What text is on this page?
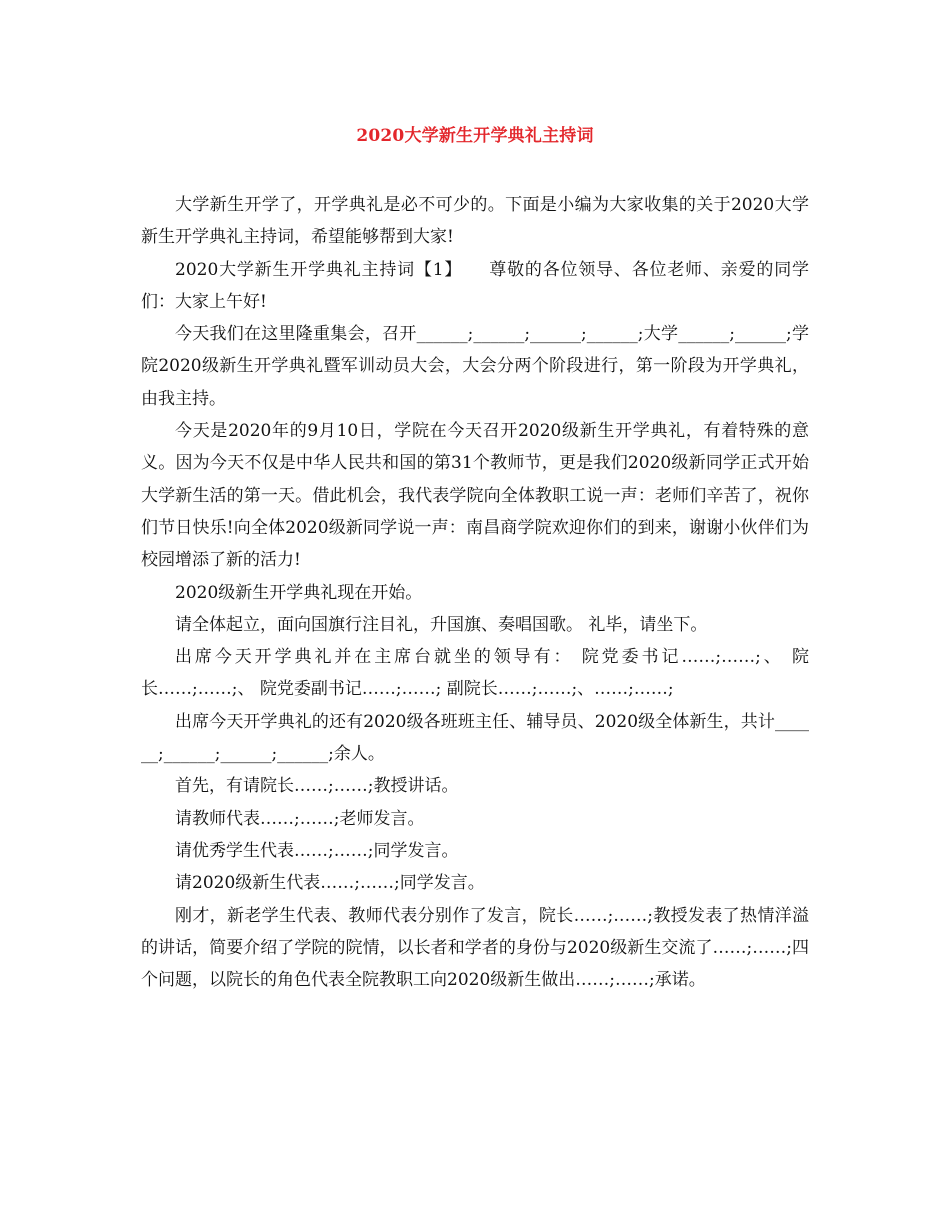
2020大学新生开学典礼主持词

大学新生开学了，开学典礼是必不可少的。下面是小编为大家收集的关于2020大学新生开学典礼主持词，希望能够帮到大家!

2020大学新生开学典礼主持词【1】　　尊敬的各位领导、各位老师、亲爱的同学们：大家上午好!

今天我们在这里隆重集会，召开______;______;______;______;大学______;______;学院2020级新生开学典礼暨军训动员大会，大会分两个阶段进行，第一阶段为开学典礼，由我主持。

今天是2020年的9月10日，学院在今天召开2020级新生开学典礼，有着特殊的意义。因为今天不仅是中华人民共和国的第31个教师节，更是我们2020级新同学正式开始大学新生活的第一天。借此机会，我代表学院向全体教职工说一声：老师们辛苦了，祝你们节日快乐!向全体2020级新同学说一声：南昌商学院欢迎你们的到来，谢谢小伙伴们为校园增添了新的活力!

2020级新生开学典礼现在开始。

请全体起立，面向国旗行注目礼，升国旗、奏唱国歌。 礼毕，请坐下。

出席今天开学典礼并在主席台就坐的领导有： 院党委书记……;……;、 院长……;……;、 院党委副书记……;……; 副院长……;……;、……;……;

出席今天开学典礼的还有2020级各班班主任、辅导员、2020级全体新生，共计______;______;______;______;余人。

首先，有请院长……;……;教授讲话。

请教师代表……;……;老师发言。

请优秀学生代表……;……;同学发言。

请2020级新生代表……;……;同学发言。

刚才，新老学生代表、教师代表分别作了发言，院长……;……;教授发表了热情洋溢的讲话，简要介绍了学院的院情，以长者和学者的身份与2020级新生交流了……;……;四个问题，以院长的角色代表全院教职工向2020级新生做出……;……;承诺。
